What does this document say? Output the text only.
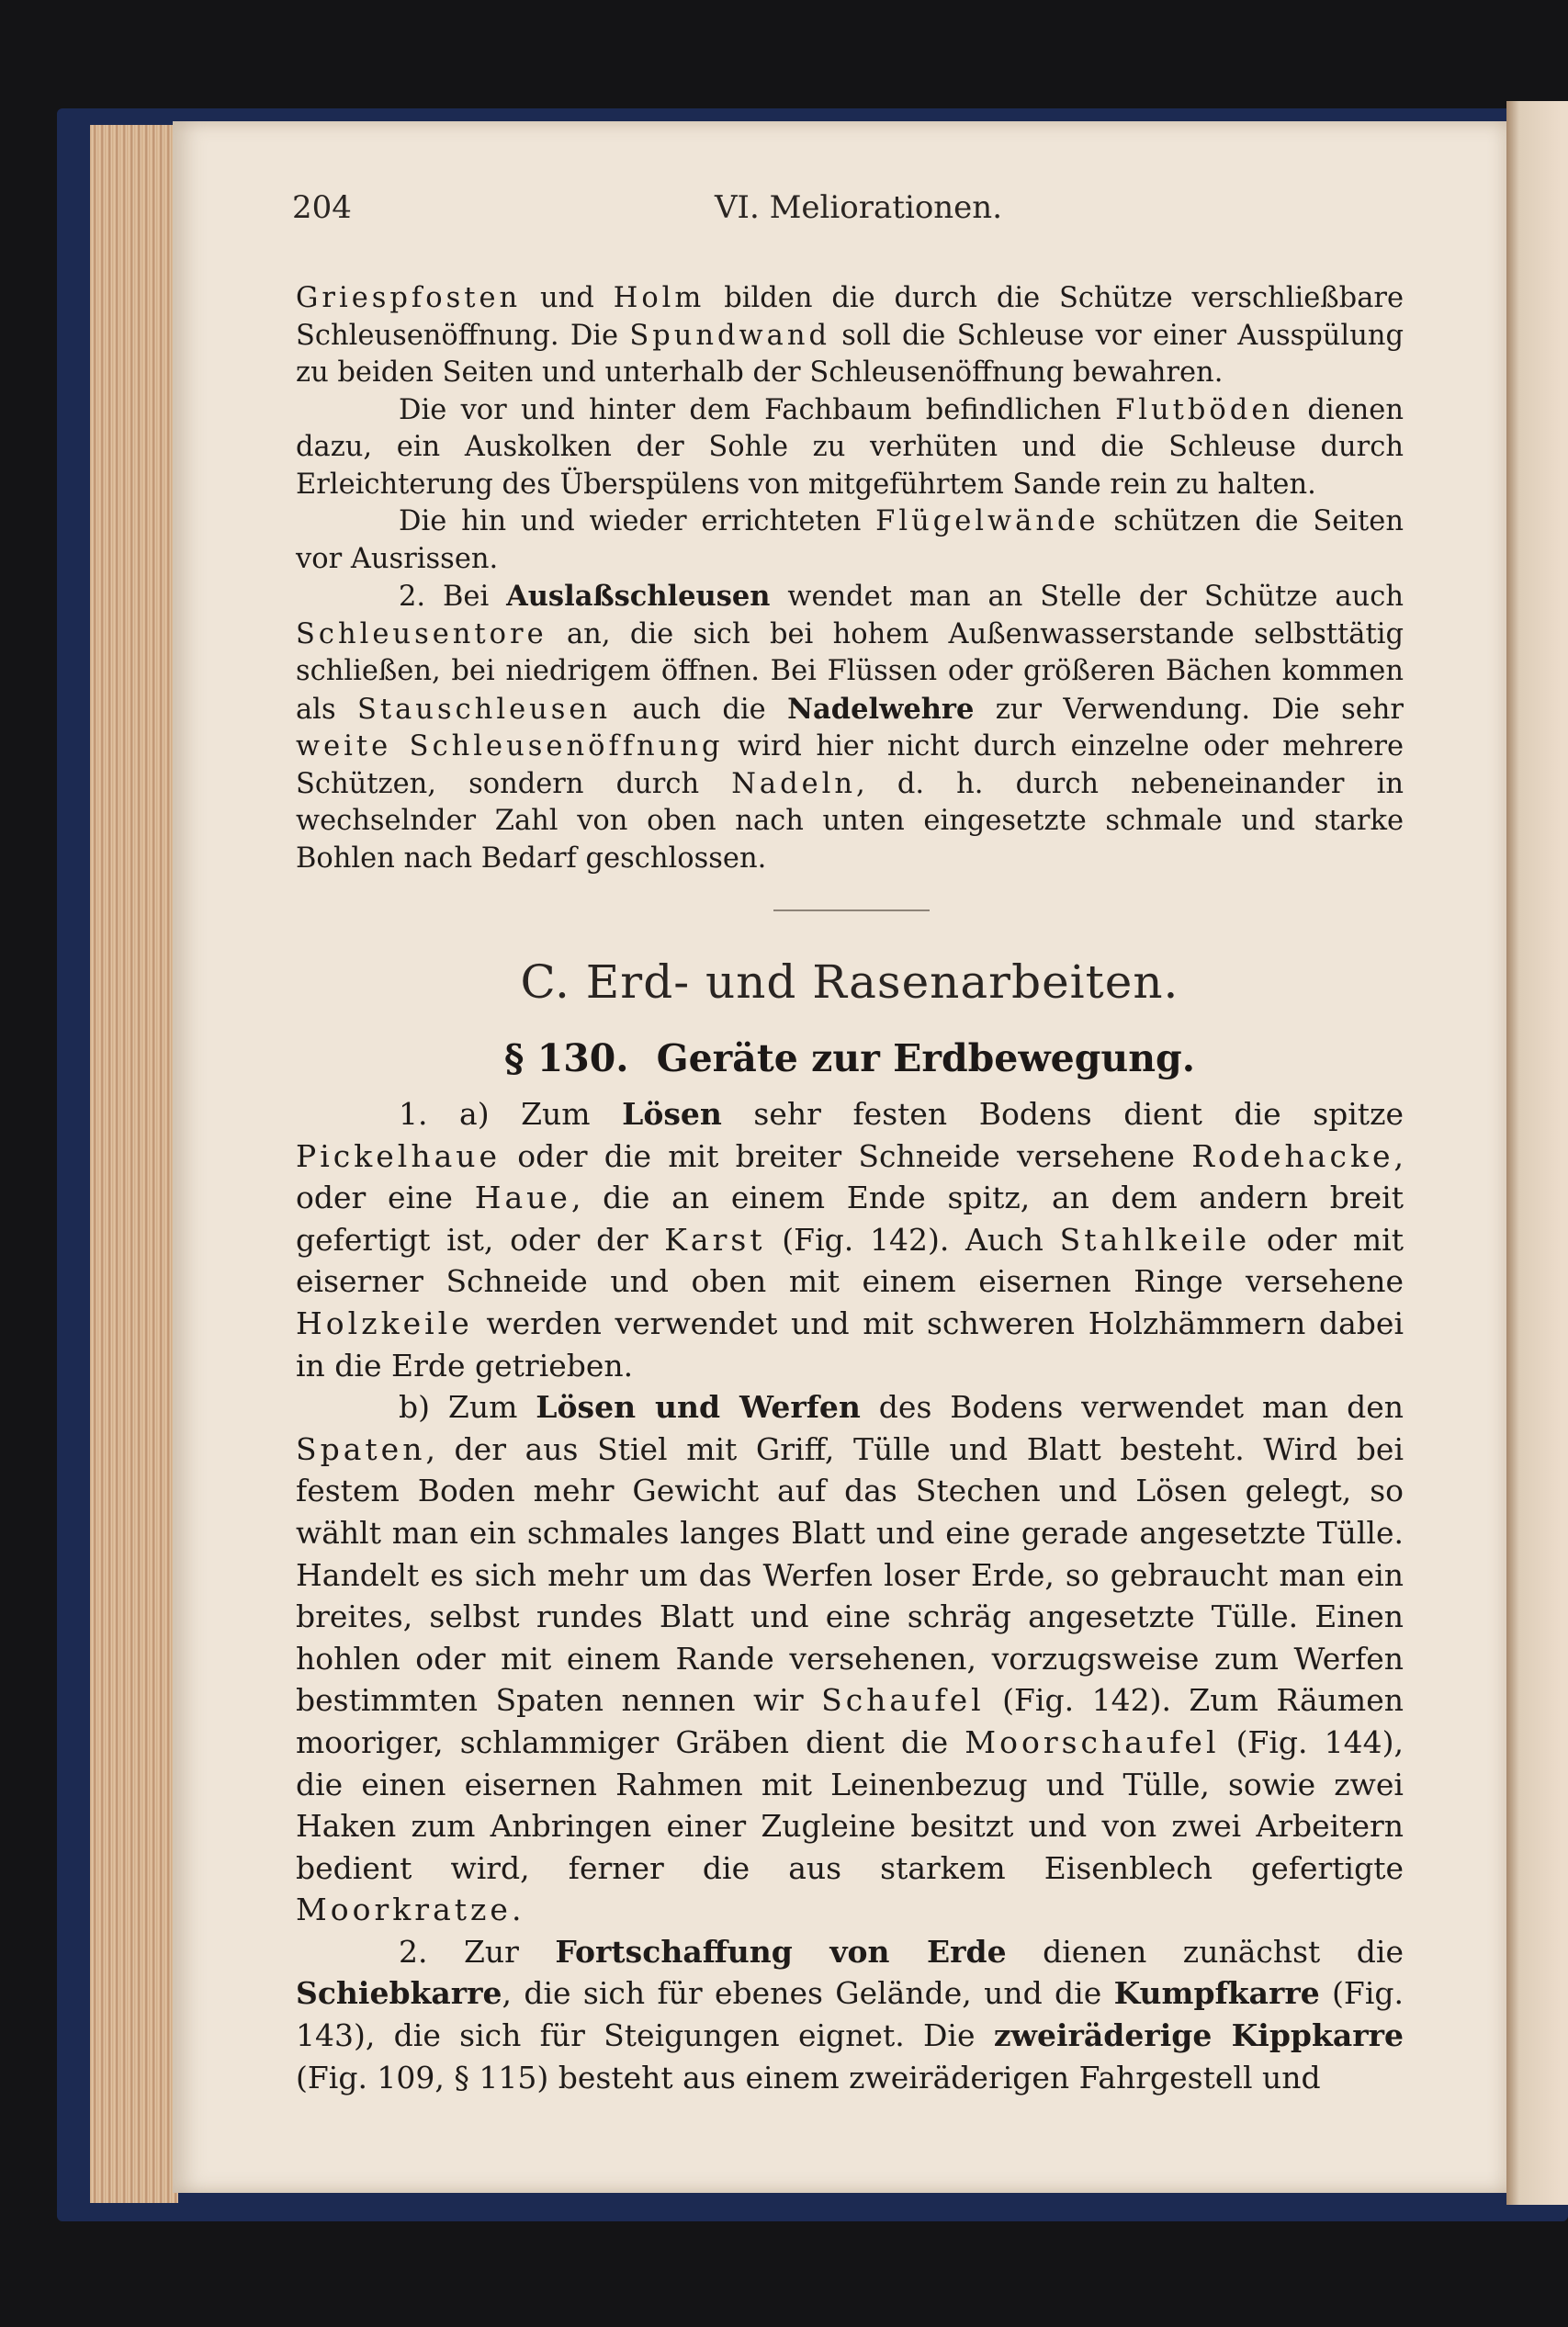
204	VI. Meliorationen.

Griespfosten und Holm bilden die durch die Schütze verschließbare Schleusenöffnung. Die Spundwand soll die Schleuse vor einer Ausspülung zu beiden Seiten und unterhalb der Schleusenöffnung bewahren.

Die vor und hinter dem Fachbaum befindlichen Flutböden dienen dazu, ein Auskolken der Sohle zu verhüten und die Schleuse durch Erleichterung des Überspülens von mitgeführtem Sande rein zu halten.

Die hin und wieder errichteten Flügelwände schützen die Seiten vor Ausrissen.

2. Bei Auslaßschleusen wendet man an Stelle der Schütze auch Schleusentore an, die sich bei hohem Außenwasserstande selbsttätig schließen, bei niedrigem öffnen. Bei Flüssen oder größeren Bächen kommen als Stauschleusen auch die Nadelwehre zur Verwendung. Die sehr weite Schleusenöffnung wird hier nicht durch einzelne oder mehrere Schützen, sondern durch Nadeln, d. h. durch nebeneinander in wechselnder Zahl von oben nach unten eingesetzte schmale und starke Bohlen nach Bedarf geschlossen.

C. Erd- und Rasenarbeiten.
§ 130. Geräte zur Erdbewegung.

1. a) Zum Lösen sehr festen Bodens dient die spitze Pickelhaue oder die mit breiter Schneide versehene Rodehacke, oder eine Haue, die an einem Ende spitz, an dem andern breit gefertigt ist, oder der Karst (Fig. 142). Auch Stahlkeile oder mit eiserner Schneide und oben mit einem eisernen Ringe versehene Holzkeile werden verwendet und mit schweren Holzhämmern dabei in die Erde getrieben.

b) Zum Lösen und Werfen des Bodens verwendet man den Spaten, der aus Stiel mit Griff, Tülle und Blatt besteht. Wird bei festem Boden mehr Gewicht auf das Stechen und Lösen gelegt, so wählt man ein schmales langes Blatt und eine gerade angesetzte Tülle. Handelt es sich mehr um das Werfen loser Erde, so gebraucht man ein breites, selbst rundes Blatt und eine schräg angesetzte Tülle. Einen hohlen oder mit einem Rande versehenen, vorzugsweise zum Werfen bestimmten Spaten nennen wir Schaufel (Fig. 142). Zum Räumen mooriger, schlammiger Gräben dient die Moorschaufel (Fig. 144), die einen eisernen Rahmen mit Leinenbezug und Tülle, sowie zwei Haken zum Anbringen einer Zugleine besitzt und von zwei Arbeitern bedient wird, ferner die aus starkem Eisenblech gefertigte Moorkratze.

2. Zur Fortschaffung von Erde dienen zunächst die Schiebkarre, die sich für ebenes Gelände, und die Kumpfkarre (Fig. 143), die sich für Steigungen eignet. Die zweiräderige Kippkarre (Fig. 109, § 115) besteht aus einem zweiräderigen Fahrgestell und
